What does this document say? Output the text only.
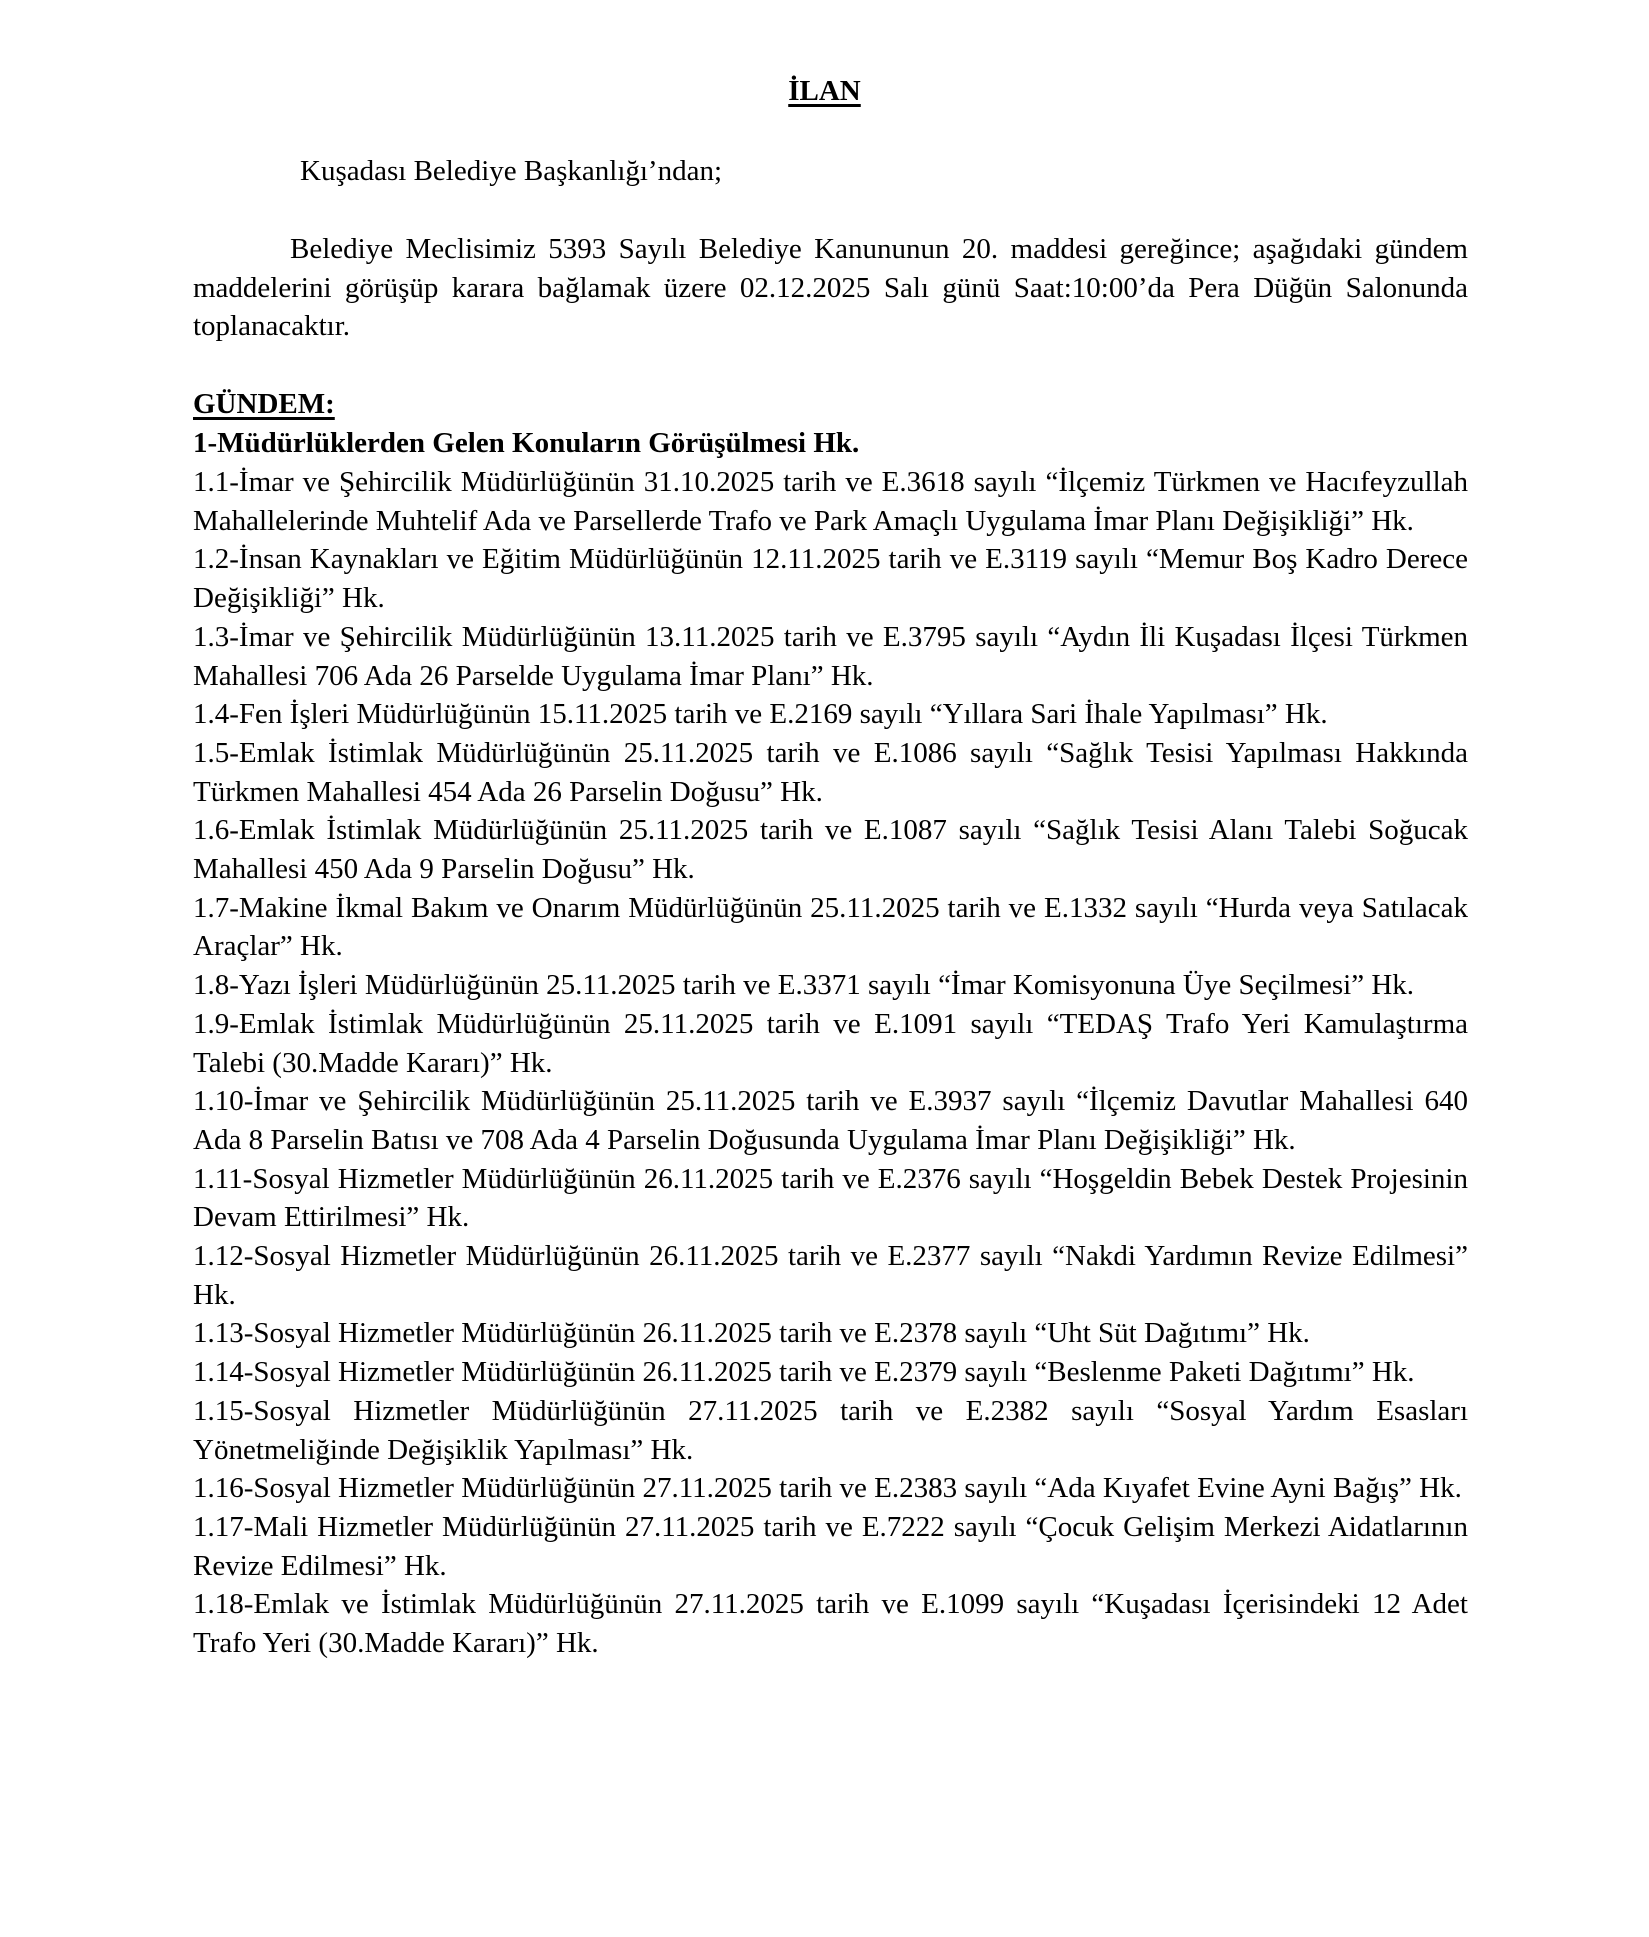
İLAN
Kuşadası Belediye Başkanlığı’ndan;

Belediye Meclisimiz 5393 Sayılı Belediye Kanununun 20. maddesi gereğince; aşağıdaki gündem maddelerini görüşüp karara bağlamak üzere 02.12.2025 Salı günü Saat:10:00’da Pera Düğün Salonunda toplanacaktır.

GÜNDEM:
1-Müdürlüklerden Gelen Konuların Görüşülmesi Hk.

1.1-İmar ve Şehircilik Müdürlüğünün 31.10.2025 tarih ve E.3618 sayılı “İlçemiz Türkmen ve Hacıfeyzullah Mahallelerinde Muhtelif Ada ve Parsellerde Trafo ve Park Amaçlı Uygulama İmar Planı Değişikliği” Hk.

1.2-İnsan Kaynakları ve Eğitim Müdürlüğünün 12.11.2025 tarih ve E.3119 sayılı “Memur Boş Kadro Derece Değişikliği” Hk.

1.3-İmar ve Şehircilik Müdürlüğünün 13.11.2025 tarih ve E.3795 sayılı “Aydın İli Kuşadası İlçesi Türkmen Mahallesi 706 Ada 26 Parselde Uygulama İmar Planı” Hk.

1.4-Fen İşleri Müdürlüğünün 15.11.2025 tarih ve E.2169 sayılı “Yıllara Sari İhale Yapılması” Hk.

1.5-Emlak İstimlak Müdürlüğünün 25.11.2025 tarih ve E.1086 sayılı “Sağlık Tesisi Yapılması Hakkında Türkmen Mahallesi 454 Ada 26 Parselin Doğusu” Hk.

1.6-Emlak İstimlak Müdürlüğünün 25.11.2025 tarih ve E.1087 sayılı “Sağlık Tesisi Alanı Talebi Soğucak Mahallesi 450 Ada 9 Parselin Doğusu” Hk.

1.7-Makine İkmal Bakım ve Onarım Müdürlüğünün 25.11.2025 tarih ve E.1332 sayılı “Hurda veya Satılacak Araçlar” Hk.

1.8-Yazı İşleri Müdürlüğünün 25.11.2025 tarih ve E.3371 sayılı “İmar Komisyonuna Üye Seçilmesi” Hk.

1.9-Emlak İstimlak Müdürlüğünün 25.11.2025 tarih ve E.1091 sayılı “TEDAŞ Trafo Yeri Kamulaştırma Talebi (30.Madde Kararı)” Hk.

1.10-İmar ve Şehircilik Müdürlüğünün 25.11.2025 tarih ve E.3937 sayılı “İlçemiz Davutlar Mahallesi 640 Ada 8 Parselin Batısı ve 708 Ada 4 Parselin Doğusunda Uygulama İmar Planı Değişikliği” Hk.

1.11-Sosyal Hizmetler Müdürlüğünün 26.11.2025 tarih ve E.2376 sayılı “Hoşgeldin Bebek Destek Projesinin Devam Ettirilmesi” Hk.

1.12-Sosyal Hizmetler Müdürlüğünün 26.11.2025 tarih ve E.2377 sayılı “Nakdi Yardımın Revize Edilmesi” Hk.

1.13-Sosyal Hizmetler Müdürlüğünün 26.11.2025 tarih ve E.2378 sayılı “Uht Süt Dağıtımı” Hk.

1.14-Sosyal Hizmetler Müdürlüğünün 26.11.2025 tarih ve E.2379 sayılı “Beslenme Paketi Dağıtımı” Hk.

1.15-Sosyal Hizmetler Müdürlüğünün 27.11.2025 tarih ve E.2382 sayılı “Sosyal Yardım Esasları Yönetmeliğinde Değişiklik Yapılması” Hk.

1.16-Sosyal Hizmetler Müdürlüğünün 27.11.2025 tarih ve E.2383 sayılı “Ada Kıyafet Evine Ayni Bağış” Hk.

1.17-Mali Hizmetler Müdürlüğünün 27.11.2025 tarih ve E.7222 sayılı “Çocuk Gelişim Merkezi Aidatlarının Revize Edilmesi” Hk.

1.18-Emlak ve İstimlak Müdürlüğünün 27.11.2025 tarih ve E.1099 sayılı “Kuşadası İçerisindeki 12 Adet Trafo Yeri (30.Madde Kararı)” Hk.
